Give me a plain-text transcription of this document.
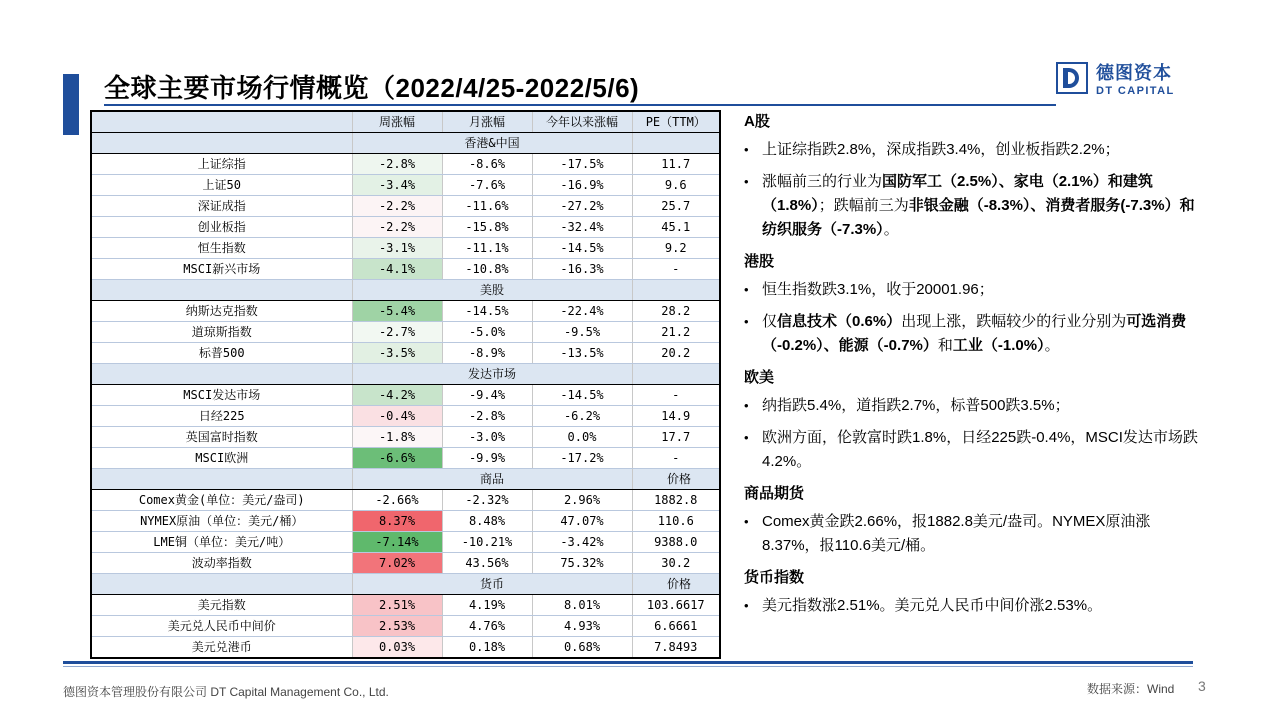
全球主要市场行情概览（2022/4/25-2022/5/6)	德图资本
DT CAPITAL
	周涨幅	月涨幅	今年以来涨幅	PE（TTM）
	香港&中国			
上证综指	-2.8%	-8.6%	-17.5%	11.7
上证50	-3.4%	-7.6%	-16.9%	9.6
深证成指	-2.2%	-11.6%	-27.2%	25.7
创业板指	-2.2%	-15.8%	-32.4%	45.1
恒生指数	-3.1%	-11.1%	-14.5%	9.2
MSCI新兴市场	-4.1%	-10.8%	-16.3%	-
	美股			
纳斯达克指数	-5.4%	-14.5%	-22.4%	28.2
道琼斯指数	-2.7%	-5.0%	-9.5%	21.2
标普500	-3.5%	-8.9%	-13.5%	20.2
	发达市场			
MSCI发达市场	-4.2%	-9.4%	-14.5%	-
日经225	-0.4%	-2.8%	-6.2%	14.9
英国富时指数	-1.8%	-3.0%	0.0%	17.7
MSCI欧洲	-6.6%	-9.9%	-17.2%	-
	商品			价格
Comex黄金(单位：美元/盎司)	-2.66%	-2.32%	2.96%	1882.8
NYMEX原油（单位：美元/桶）	8.37%	8.48%	47.07%	110.6
LME铜（单位：美元/吨）	-7.14%	-10.21%	-3.42%	9388.0
波动率指数	7.02%	43.56%	75.32%	30.2
	货币			价格
美元指数	2.51%	4.19%	8.01%	103.6617
美元兑人民币中间价	2.53%	4.76%	4.93%	6.6661
美元兑港币	0.03%	0.18%	0.68%	7.8493
A股
• 上证综指跌2.8%，深成指跌3.4%，创业板指跌2.2%；
• 涨幅前三的行业为国防军工（2.5%）、家电（2.1%）和建筑（1.8%）；跌幅前三为非银金融（-8.3%）、消费者服务(-7.3%）和纺织服务（-7.3%）。
港股
• 恒生指数跌3.1%，收于20001.96；
• 仅信息技术（0.6%）出现上涨，跌幅较少的行业分别为可选消费（-0.2%）、能源（-0.7%）和工业（-1.0%）。
欧美
• 纳指跌5.4%，道指跌2.7%，标普500跌3.5%；
• 欧洲方面，伦敦富时跌1.8%，日经225跌-0.4%，MSCI发达市场跌4.2%。
商品期货
• Comex黄金跌2.66%，报1882.8美元/盎司。NYMEX原油涨8.37%，报110.6美元/桶。
货币指数
• 美元指数涨2.51%。美元兑人民币中间价涨2.53%。
德图资本管理股份有限公司 DT Capital Management Co., Ltd.	数据来源：Wind 3
